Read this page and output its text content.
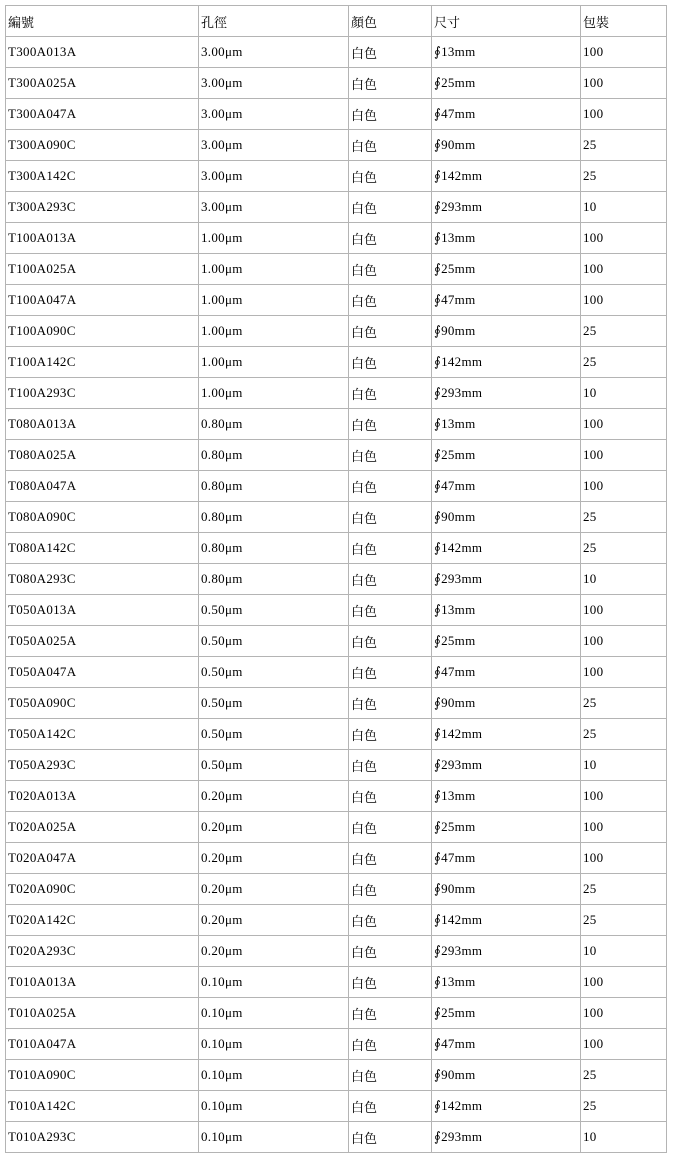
編號	孔徑	顏色	尺寸	包裝
T300A013A	3.00μm	白色	∮13mm	100
T300A025A	3.00μm	白色	∮25mm	100
T300A047A	3.00μm	白色	∮47mm	100
T300A090C	3.00μm	白色	∮90mm	25
T300A142C	3.00μm	白色	∮142mm	25
T300A293C	3.00μm	白色	∮293mm	10
T100A013A	1.00μm	白色	∮13mm	100
T100A025A	1.00μm	白色	∮25mm	100
T100A047A	1.00μm	白色	∮47mm	100
T100A090C	1.00μm	白色	∮90mm	25
T100A142C	1.00μm	白色	∮142mm	25
T100A293C	1.00μm	白色	∮293mm	10
T080A013A	0.80μm	白色	∮13mm	100
T080A025A	0.80μm	白色	∮25mm	100
T080A047A	0.80μm	白色	∮47mm	100
T080A090C	0.80μm	白色	∮90mm	25
T080A142C	0.80μm	白色	∮142mm	25
T080A293C	0.80μm	白色	∮293mm	10
T050A013A	0.50μm	白色	∮13mm	100
T050A025A	0.50μm	白色	∮25mm	100
T050A047A	0.50μm	白色	∮47mm	100
T050A090C	0.50μm	白色	∮90mm	25
T050A142C	0.50μm	白色	∮142mm	25
T050A293C	0.50μm	白色	∮293mm	10
T020A013A	0.20μm	白色	∮13mm	100
T020A025A	0.20μm	白色	∮25mm	100
T020A047A	0.20μm	白色	∮47mm	100
T020A090C	0.20μm	白色	∮90mm	25
T020A142C	0.20μm	白色	∮142mm	25
T020A293C	0.20μm	白色	∮293mm	10
T010A013A	0.10μm	白色	∮13mm	100
T010A025A	0.10μm	白色	∮25mm	100
T010A047A	0.10μm	白色	∮47mm	100
T010A090C	0.10μm	白色	∮90mm	25
T010A142C	0.10μm	白色	∮142mm	25
T010A293C	0.10μm	白色	∮293mm	10
